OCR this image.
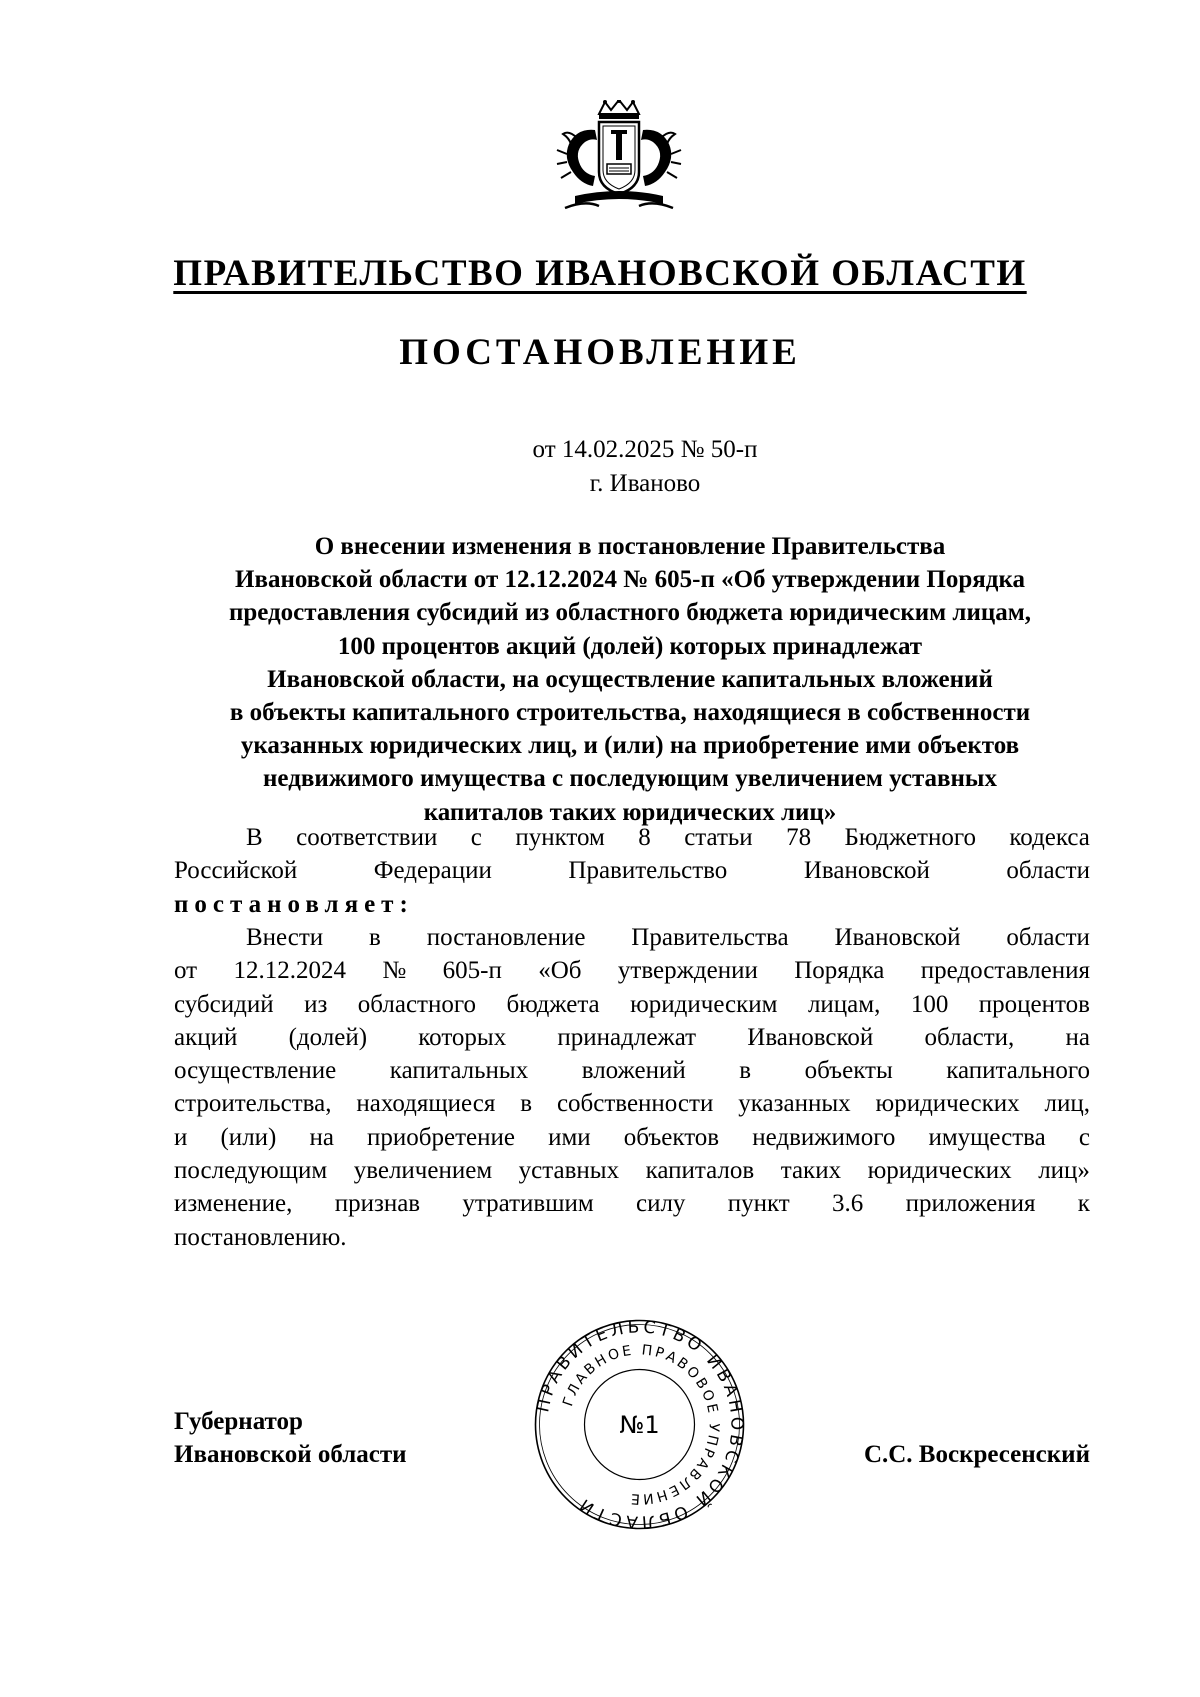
ПРАВИТЕЛЬСТВО ИВАНОВСКОЙ ОБЛАСТИ
ПОСТАНОВЛЕНИЕ
от 14.02.2025 № 50-п
г. Иваново
О внесении изменения в постановление Правительства
Ивановской области от 12.12.2024 № 605-п «Об утверждении Порядка
предоставления субсидий из областного бюджета юридическим лицам,
100 процентов акций (долей) которых принадлежат
Ивановской области, на осуществление капитальных вложений
в объекты капитального строительства, находящиеся в собственности
указанных юридических лиц, и (или) на приобретение ими объектов
недвижимого имущества с последующим увеличением уставных
капиталов таких юридических лиц»
В соответствии с пунктом 8 статьи 78 Бюджетного кодекса
Российской	Федерации	Правительство	Ивановской	области
постановляет:
Внести в постановление Правительства Ивановской области
от 12.12.2024 № 605-п «Об утверждении Порядка предоставления
субсидий из областного бюджета юридическим лицам, 100 процентов
акций (долей) которых принадлежат Ивановской области, на
осуществление капитальных вложений в объекты капитального
строительства, находящиеся в собственности указанных юридических лиц,
и (или) на приобретение ими объектов недвижимого имущества с
последующим увеличением уставных капиталов таких юридических лиц»
изменение, признав утратившим силу пункт 3.6 приложения к
постановлению.
ПРАВИТЕЛЬСТВО ИВАНОВСКОЙ ОБЛАСТИ
ГЛАВНОЕ ПРАВОВОЕ УПРАВЛЕНИЕ
№1
Губернатор
Ивановской области	С.С. Воскресенский
